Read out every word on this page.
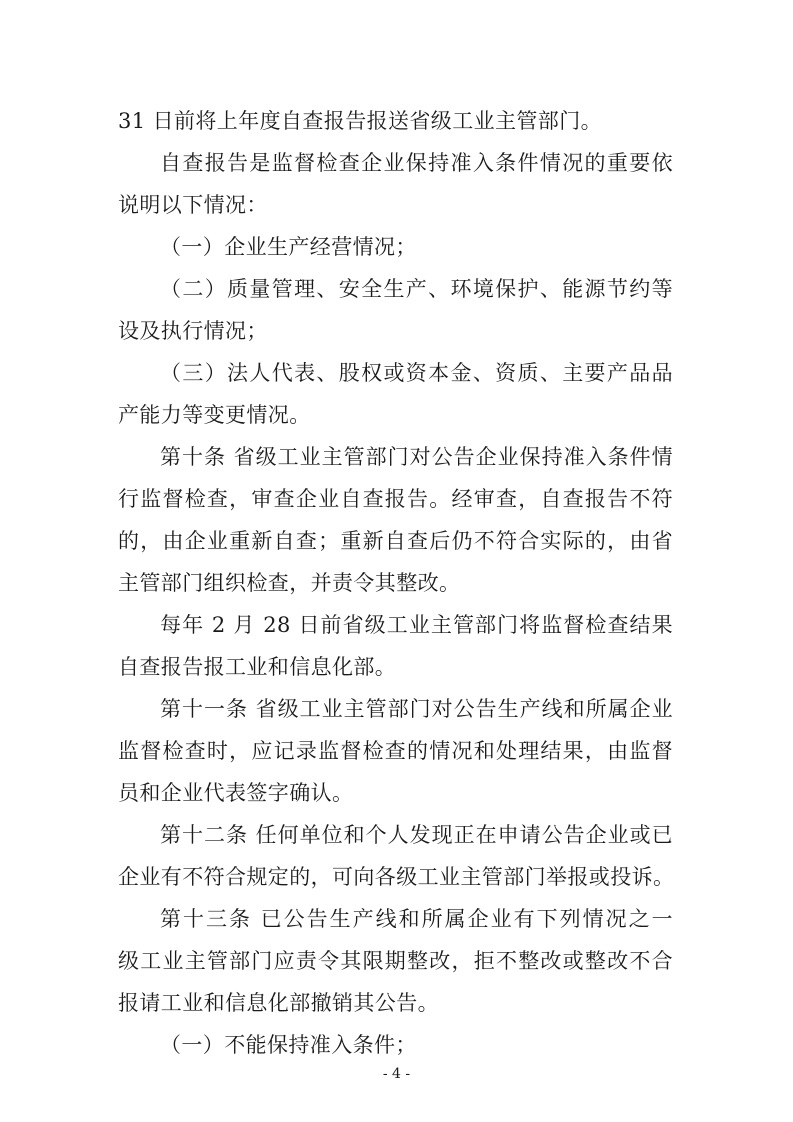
31 日前将上年度自查报告报送省级工业主管部门。
自查报告是监督检查企业保持准入条件情况的重要依
说明以下情况：
（一）企业生产经营情况；
（二）质量管理、安全生产、环境保护、能源节约等
设及执行情况；
（三）法人代表、股权或资本金、资质、主要产品品
产能力等变更情况。
第十条 省级工业主管部门对公告企业保持准入条件情
行监督检查，审查企业自查报告。经审查，自查报告不符
的，由企业重新自查；重新自查后仍不符合实际的，由省
主管部门组织检查，并责令其整改。
每年 2 月 28 日前省级工业主管部门将监督检查结果
自查报告报工业和信息化部。
第十一条 省级工业主管部门对公告生产线和所属企业
监督检查时，应记录监督检查的情况和处理结果，由监督
员和企业代表签字确认。
第十二条 任何单位和个人发现正在申请公告企业或已
企业有不符合规定的，可向各级工业主管部门举报或投诉。
第十三条 已公告生产线和所属企业有下列情况之一
级工业主管部门应责令其限期整改，拒不整改或整改不合
报请工业和信息化部撤销其公告。
（一）不能保持准入条件；
- 4 -
